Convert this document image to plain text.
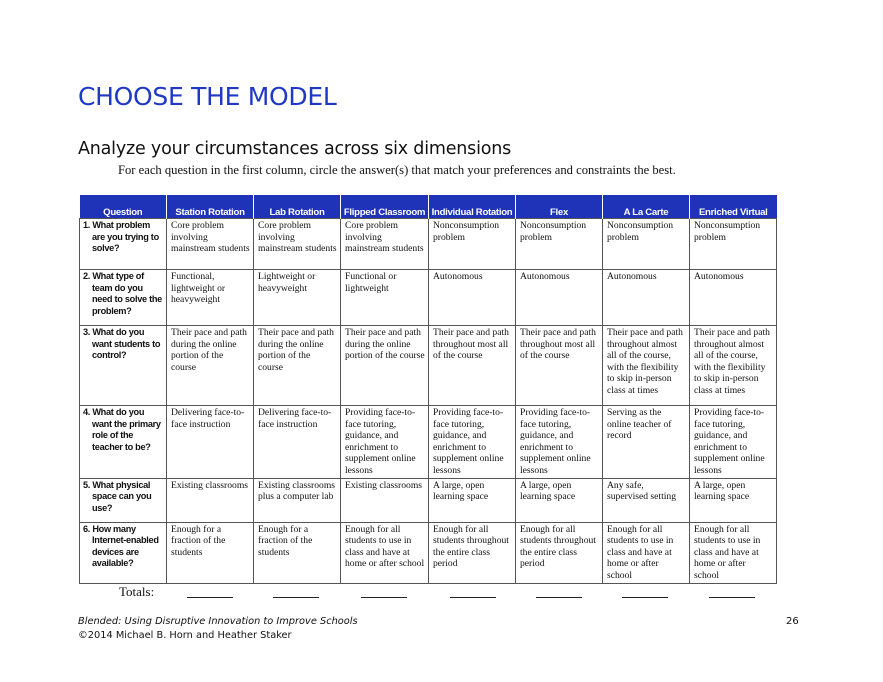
CHOOSE THE MODEL
Analyze your circumstances across six dimensions

For each question in the first column, circle the answer(s) that match your preferences and constraints the best.

Question	Station Rotation	Lab Rotation	Flipped Classroom	Individual Rotation	Flex	A La Carte	Enriched Virtual

1. What problem are you trying to solve?	Core problem involving mainstream students	Core problem involving mainstream students	Core problem involving mainstream students	Nonconsumption problem	Nonconsumption problem	Nonconsumption problem	Nonconsumption problem

2. What type of team do you need to solve the problem?	Functional, lightweight or heavyweight	Lightweight or heavyweight	Functional or lightweight	Autonomous	Autonomous	Autonomous	Autonomous

3. What do you want students to control?	Their pace and path during the online portion of the course	Their pace and path during the online portion of the course	Their pace and path during the online portion of the course	Their pace and path throughout most all of the course	Their pace and path throughout most all of the course	Their pace and path throughout almost all of the course, with the flexibility to skip in-person class at times	Their pace and path throughout almost all of the course, with the flexibility to skip in-person class at times

4. What do you want the primary role of the teacher to be?	Delivering face-to-face instruction	Delivering face-to-face instruction	Providing face-to-face tutoring, guidance, and enrichment to supplement online lessons	Providing face-to-face tutoring, guidance, and enrichment to supplement online lessons	Providing face-to-face tutoring, guidance, and enrichment to supplement online lessons	Serving as the online teacher of record	Providing face-to-face tutoring, guidance, and enrichment to supplement online lessons

5. What physical space can you use?	Existing classrooms	Existing classrooms plus a computer lab	Existing classrooms	A large, open learning space	A large, open learning space	Any safe, supervised setting	A large, open learning space

6. How many Internet-enabled devices are available?	Enough for a fraction of the students	Enough for a fraction of the students	Enough for all students to use in class and have at home or after school	Enough for all students throughout the entire class period	Enough for all students throughout the entire class period	Enough for all students to use in class and have at home or after school	Enough for all students to use in class and have at home or after school
Totals:
Blended: Using Disruptive Innovation to Improve Schools
©2014 Michael B. Horn and Heather Staker
26
